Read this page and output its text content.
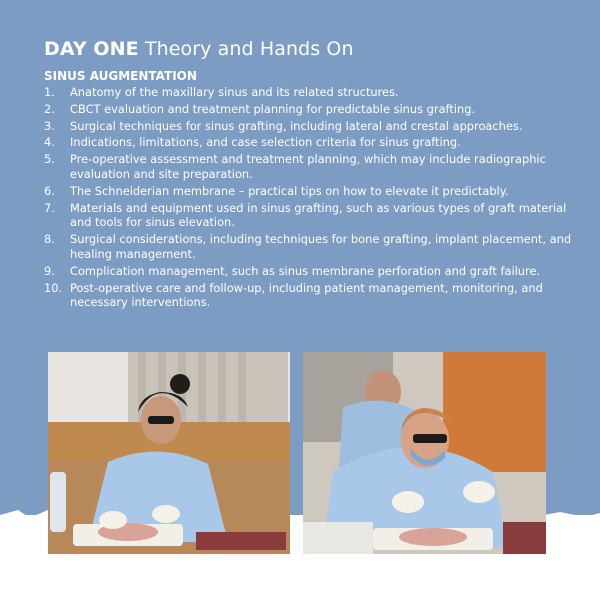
DAY ONE Theory and Hands On
SINUS AUGMENTATION
1. Anatomy of the maxillary sinus and its related structures.
2. CBCT evaluation and treatment planning for predictable sinus grafting.
3. Surgical techniques for sinus grafting, including lateral and crestal approaches.
4. Indications, limitations, and case selection criteria for sinus grafting.
5. Pre-operative assessment and treatment planning, which may include radiographic evaluation and site preparation.
6. The Schneiderian membrane – practical tips on how to elevate it predictably.
7. Materials and equipment used in sinus grafting, such as various types of graft material and tools for sinus elevation.
8. Surgical considerations, including techniques for bone grafting, implant placement, and healing management.
9. Complication management, such as sinus membrane perforation and graft failure.
10. Post-operative care and follow-up, including patient management, monitoring, and necessary interventions.
